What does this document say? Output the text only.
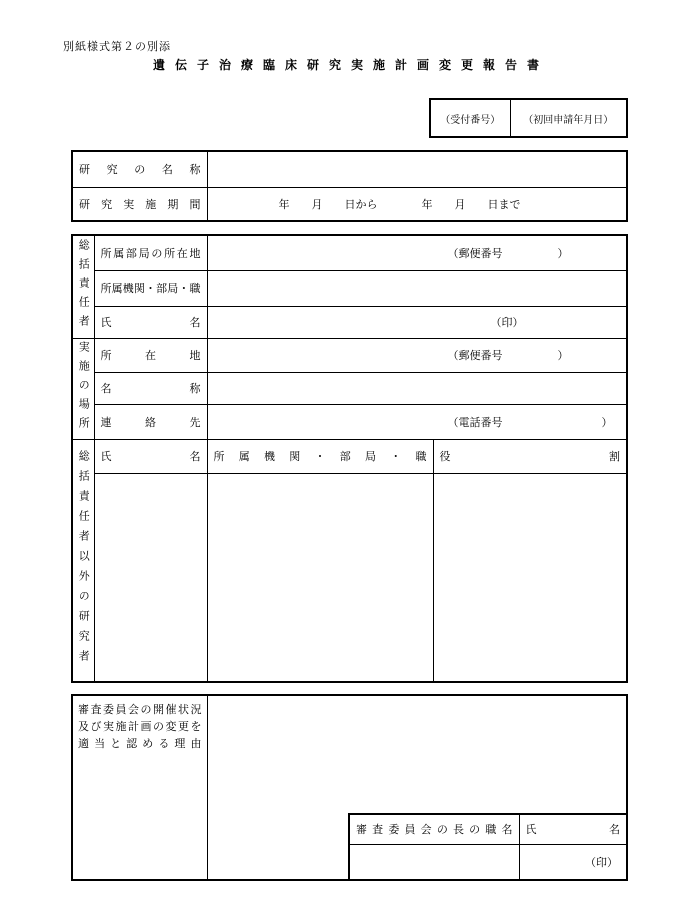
別紙様式第２の別添
遺伝子治療臨床研究実施計画変更報告書
（受付番号）	（初回申請年月日）
研　究　の　名　称	
研　究　実　施　期　間	　　　　　　年　　月　　日から　　　　年　　月　　日まで
総括責任者	所属部局の所在地	（郵便番号　　　　　）	
	所属機関・部局・職		
	氏　名	（印）	
実施の場所	所　在　地	（郵便番号　　　　　）	
	名　称		
	連　絡　先	（電話番号　　　　　　　　　）	
総括責任者以外の研究者	氏　名	所属機関・部局・職	役　割

審査委員会の開催状況
及び実施計画の変更を
適当と認める理由

審査委員会の長の職名	氏　名
	（印）
